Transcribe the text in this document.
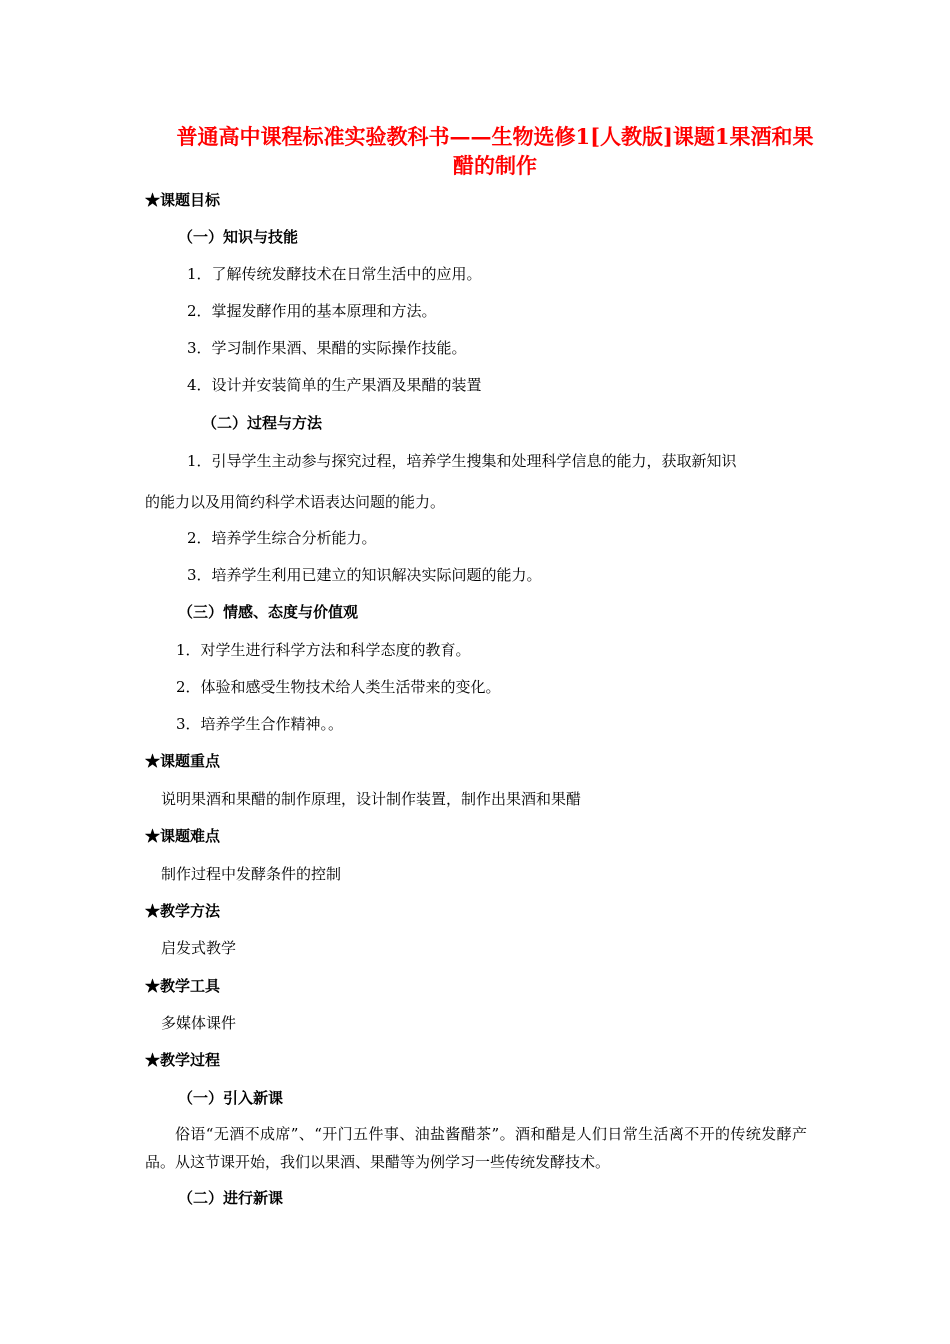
普通高中课程标准实验教科书——生物选修1[人教版]课题1果酒和果醋的制作
★课题目标
（一）知识与技能
1．了解传统发酵技术在日常生活中的应用。
2．掌握发酵作用的基本原理和方法。
3．学习制作果酒、果醋的实际操作技能。
4．设计并安装简单的生产果酒及果醋的装置
（二）过程与方法
1．引导学生主动参与探究过程，培养学生搜集和处理科学信息的能力，获取新知识
的能力以及用简约科学术语表达问题的能力。
2．培养学生综合分析能力。
3．培养学生利用已建立的知识解决实际问题的能力。
（三）情感、态度与价值观
1．对学生进行科学方法和科学态度的教育。
2．体验和感受生物技术给人类生活带来的变化。
3．培养学生合作精神。。
★课题重点
说明果酒和果醋的制作原理，设计制作装置，制作出果酒和果醋
★课题难点
制作过程中发酵条件的控制
★教学方法
启发式教学
★教学工具
多媒体课件
★教学过程
（一）引入新课
俗语“无酒不成席”、“开门五件事、油盐酱醋茶”。酒和醋是人们日常生活离不开的传统发酵产品。从这节课开始，我们以果酒、果醋等为例学习一些传统发酵技术。
（二）进行新课
